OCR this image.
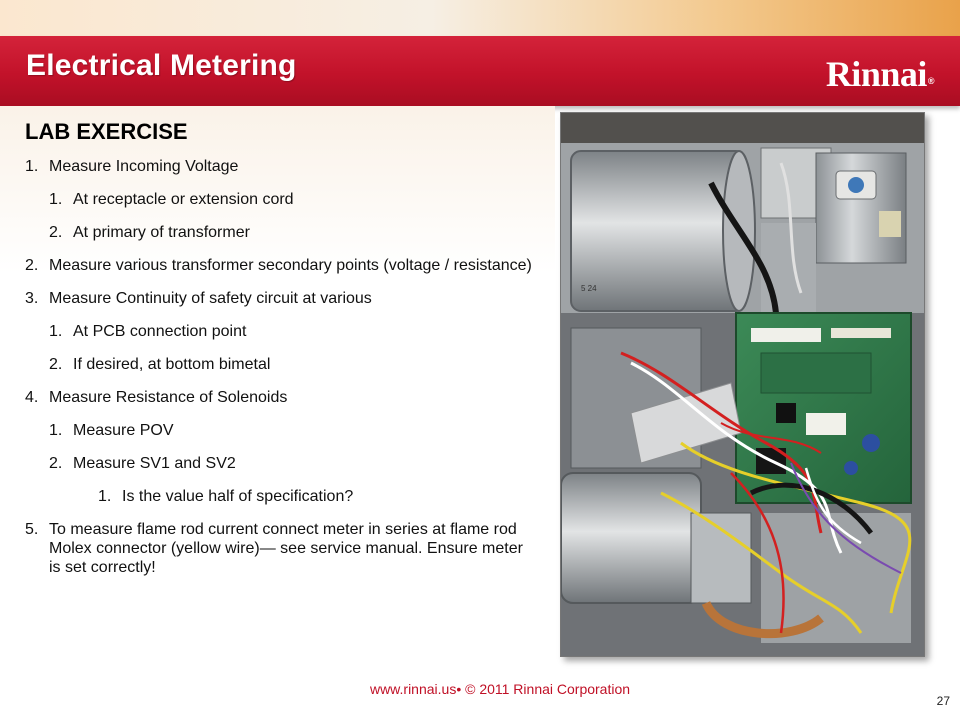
Electrical Metering	Rinnai®
LAB EXERCISE
1. Measure Incoming Voltage
1. At receptacle or extension cord
2. At primary of transformer
2. Measure various transformer secondary points (voltage / resistance)
3. Measure Continuity of safety circuit at various
1. At PCB connection point
2. If desired, at bottom bimetal
4. Measure Resistance of Solenoids
1. Measure POV
2. Measure SV1 and SV2
1. Is the value half of specification?
5. To measure flame rod current connect meter in series at flame rod Molex connector (yellow wire)— see service manual. Ensure meter is set correctly!
5 24
www.rinnai.us• © 2011 Rinnai Corporation
27
